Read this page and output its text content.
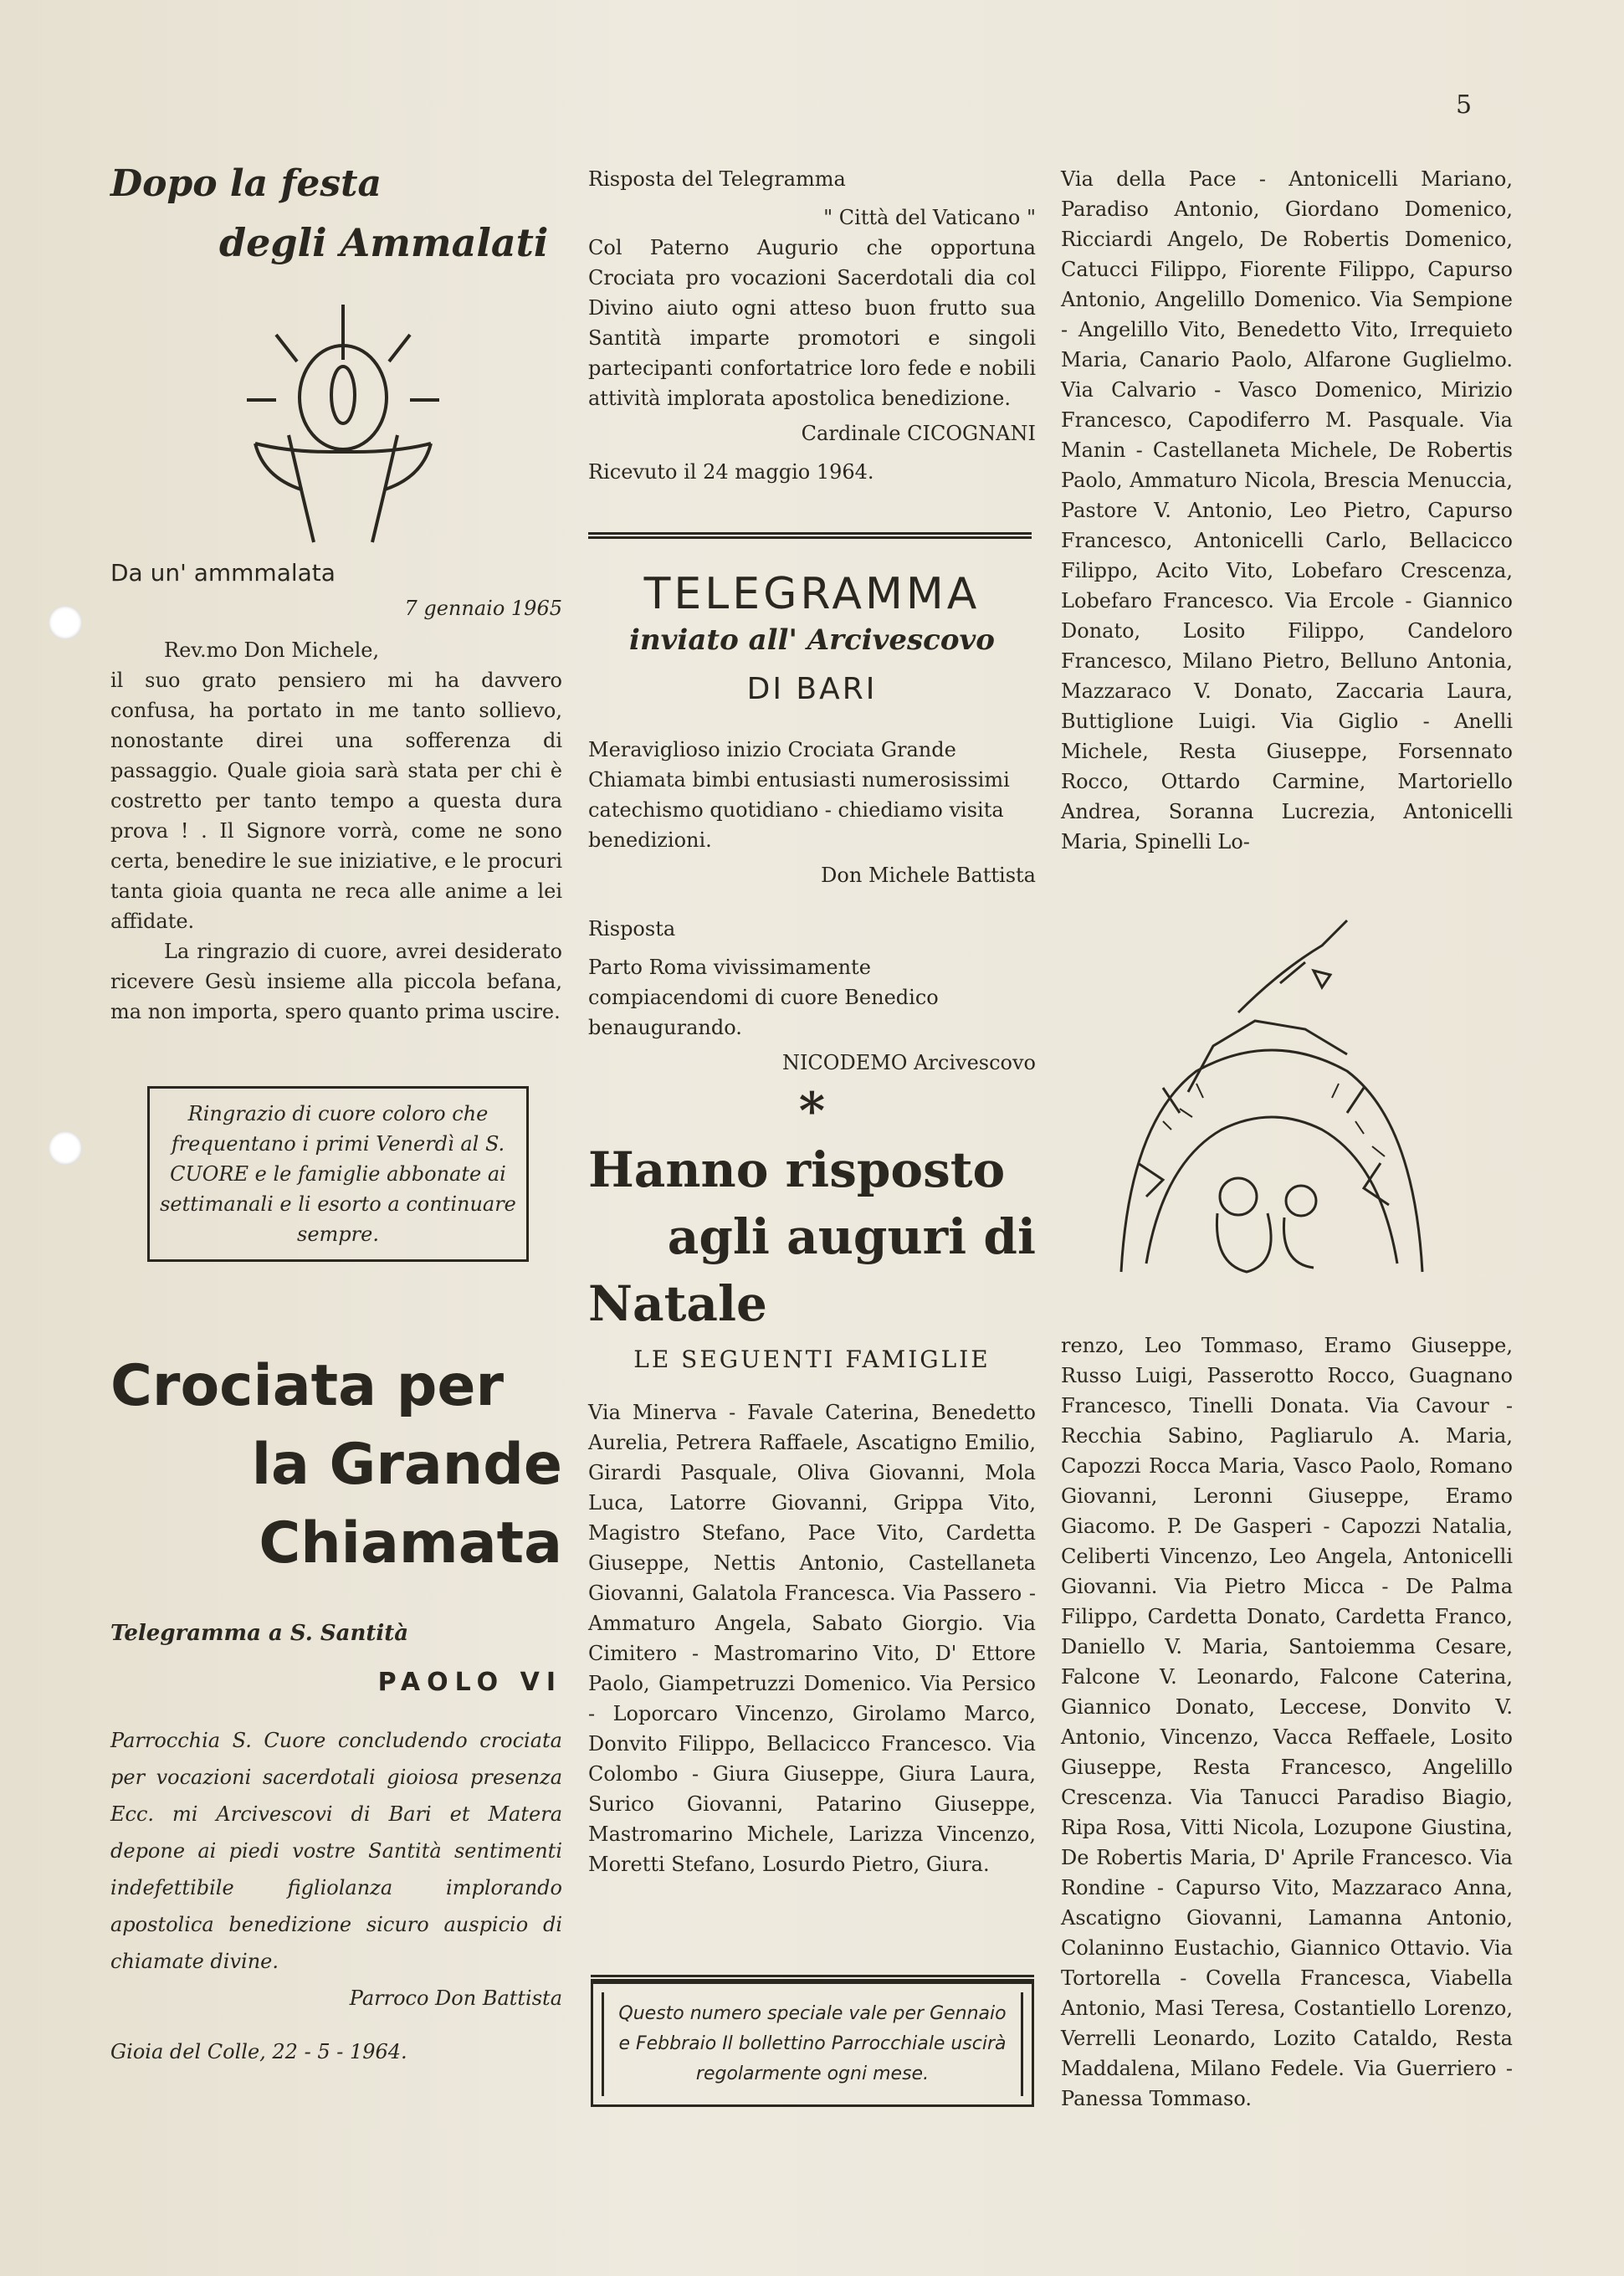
5
Dopo la festa
degli Ammalati
Da un' ammmalata
7 gennaio 1965
Rev.mo Don Michele,
il suo grato pensiero mi ha davvero confusa, ha portato in me tanto sollievo, nonostante direi una sofferenza di passaggio. Quale gioia sarà stata per chi è costretto per tanto tempo a questa dura prova ! . Il Signore vorrà, come ne sono certa, benedire le sue iniziative, e le procuri tanta gioia quanta ne reca alle anime a lei affidate.
La ringrazio di cuore, avrei desiderato ricevere Gesù insieme alla piccola befana, ma non importa, spero quanto prima uscire.
Ringrazio di cuore coloro che frequentano i primi Venerdì al S. CUORE e le famiglie abbonate ai settimanali e li esorto a continuare sempre.
Crociata per
la Grande
Chiamata
Telegramma a S. Santità
PAOLO VI
Parrocchia S. Cuore concludendo crociata per vocazioni sacerdotali gioiosa presenza Ecc. mi Arcivescovi di Bari et Matera depone ai piedi vostre Santità sentimenti indefettibile figliolanza implorando apostolica benedizione sicuro auspicio di chiamate divine.
Parroco Don Battista
Gioia del Colle, 22 - 5 - 1964.
Risposta del Telegramma
" Città del Vaticano "
Col Paterno Augurio che opportuna Crociata pro vocazioni Sacerdotali dia col Divino aiuto ogni atteso buon frutto sua Santità imparte promotori e singoli partecipanti confortatrice loro fede e nobili attività implorata apostolica benedizione.
Cardinale CICOGNANI
Ricevuto il 24 maggio 1964.
TELEGRAMMA
inviato all' Arcivescovo
DI BARI
Meraviglioso inizio Crociata Grande Chiamata bimbi entusiasti numerosissimi catechismo quotidiano - chiediamo visita benedizioni.
Don Michele Battista
Risposta
Parto Roma vivissimamente compiacendomi di cuore Benedico benaugurando.
NICODEMO Arcivescovo
*
Hanno risposto
agli auguri di
Natale
LE SEGUENTI FAMIGLIE
Via Minerva - Favale Caterina, Benedetto Aurelia, Petrera Raffaele, Ascatigno Emilio, Girardi Pasquale, Oliva Giovanni, Mola Luca, Latorre Giovanni, Grippa Vito, Magistro Stefano, Pace Vito, Cardetta Giuseppe, Nettis Antonio, Castellaneta Giovanni, Galatola Francesca. Via Passero - Ammaturo Angela, Sabato Giorgio. Via Cimitero - Mastromarino Vito, D' Ettore Paolo, Giampetruzzi Domenico. Via Persico - Loporcaro Vincenzo, Girolamo Marco, Donvito Filippo, Bellacicco Francesco. Via Colombo - Giura Giuseppe, Giura Laura, Surico Giovanni, Patarino Giuseppe, Mastromarino Michele, Larizza Vincenzo, Moretti Stefano, Losurdo Pietro, Giura.
Questo numero speciale vale per Gennaio e Febbraio Il bollettino Parrocchiale uscirà regolarmente ogni mese.
Via della Pace - Antonicelli Mariano, Paradiso Antonio, Giordano Domenico, Ricciardi Angelo, De Robertis Domenico, Catucci Filippo, Fiorente Filippo, Capurso Antonio, Angelillo Domenico. Via Sempione - Angelillo Vito, Benedetto Vito, Irrequieto Maria, Canario Paolo, Alfarone Guglielmo. Via Calvario - Vasco Domenico, Mirizio Francesco, Capodiferro M. Pasquale. Via Manin - Castellaneta Michele, De Robertis Paolo, Ammaturo Nicola, Brescia Menuccia, Pastore V. Antonio, Leo Pietro, Capurso Francesco, Antonicelli Carlo, Bellacicco Filippo, Acito Vito, Lobefaro Crescenza, Lobefaro Francesco. Via Ercole - Giannico Donato, Losito Filippo, Candeloro Francesco, Milano Pietro, Belluno Antonia, Mazzaraco V. Donato, Zaccaria Laura, Buttiglione Luigi. Via Giglio - Anelli Michele, Resta Giuseppe, Forsennato Rocco, Ottardo Carmine, Martoriello Andrea, Soranna Lucrezia, Antonicelli Maria, Spinelli Lo-
renzo, Leo Tommaso, Eramo Giuseppe, Russo Luigi, Passerotto Rocco, Guagnano Francesco, Tinelli Donata. Via Cavour - Recchia Sabino, Pagliarulo A. Maria, Capozzi Rocca Maria, Vasco Paolo, Romano Giovanni, Leronni Giuseppe, Eramo Giacomo. P. De Gasperi - Capozzi Natalia, Celiberti Vincenzo, Leo Angela, Antonicelli Giovanni. Via Pietro Micca - De Palma Filippo, Cardetta Donato, Cardetta Franco, Daniello V. Maria, Santoiemma Cesare, Falcone V. Leonardo, Falcone Caterina, Giannico Donato, Leccese, Donvito V. Antonio, Vincenzo, Vacca Reffaele, Losito Giuseppe, Resta Francesco, Angelillo Crescenza. Via Tanucci Paradiso Biagio, Ripa Rosa, Vitti Nicola, Lozupone Giustina, De Robertis Maria, D' Aprile Francesco. Via Rondine - Capurso Vito, Mazzaraco Anna, Ascatigno Giovanni, Lamanna Antonio, Colaninno Eustachio, Giannico Ottavio. Via Tortorella - Covella Francesca, Viabella Antonio, Masi Teresa, Costantiello Lorenzo, Verrelli Leonardo, Lozito Cataldo, Resta Maddalena, Milano Fedele. Via Guerriero - Panessa Tommaso.
